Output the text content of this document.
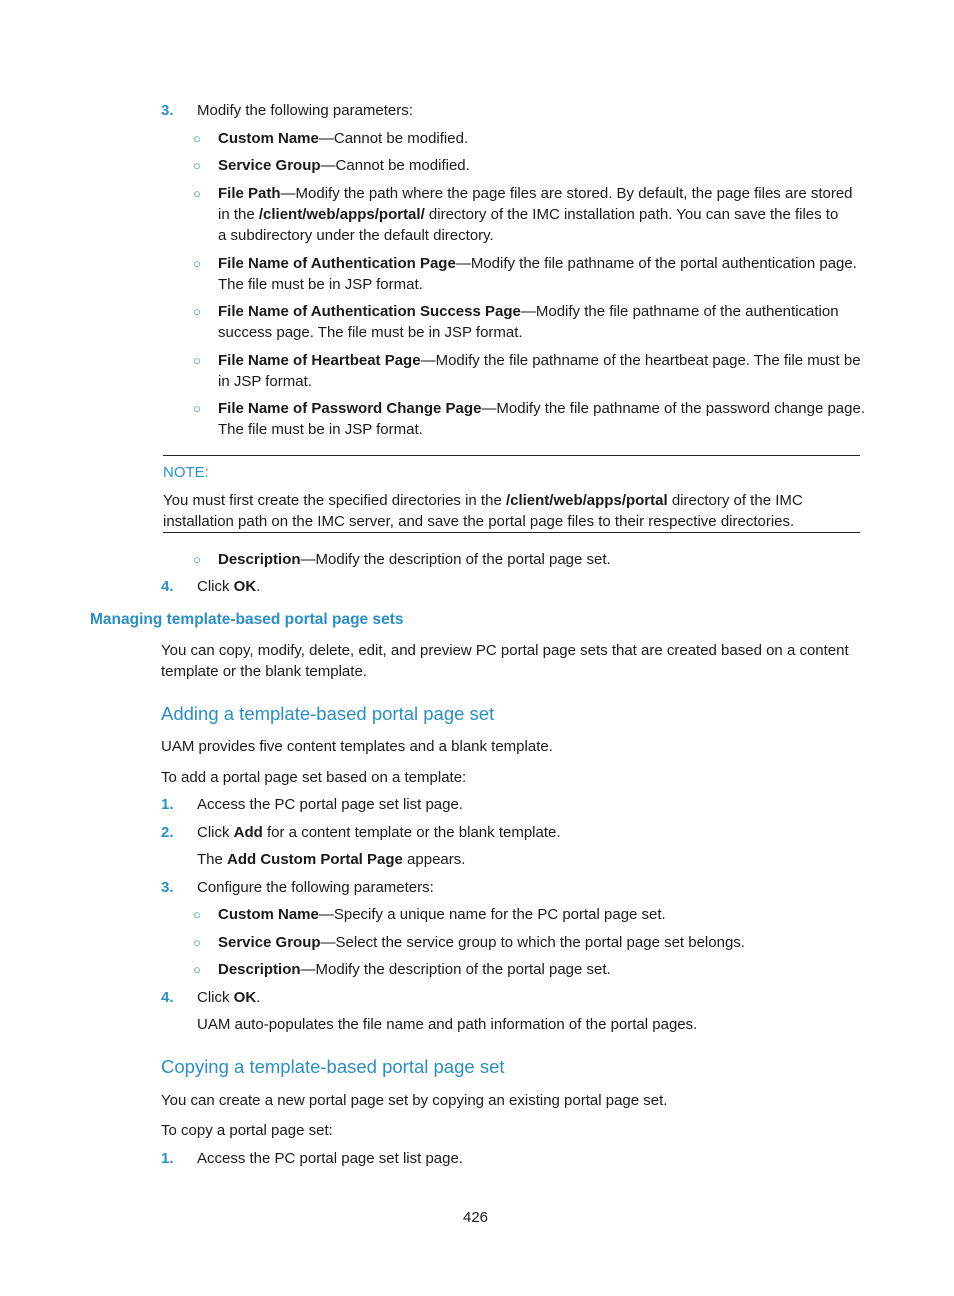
3. Modify the following parameters:
○ Custom Name—Cannot be modified.
○ Service Group—Cannot be modified.
○ File Path—Modify the path where the page files are stored. By default, the page files are stored
in the /client/web/apps/portal/ directory of the IMC installation path. You can save the files to
a subdirectory under the default directory.
○ File Name of Authentication Page—Modify the file pathname of the portal authentication page.
The file must be in JSP format.
○ File Name of Authentication Success Page—Modify the file pathname of the authentication
success page. The file must be in JSP format.
○ File Name of Heartbeat Page—Modify the file pathname of the heartbeat page. The file must be
in JSP format.
○ File Name of Password Change Page—Modify the file pathname of the password change page.
The file must be in JSP format.
NOTE:
You must first create the specified directories in the /client/web/apps/portal directory of the IMC
installation path on the IMC server, and save the portal page files to their respective directories.
○ Description—Modify the description of the portal page set.
4. Click OK.
Managing template-based portal page sets
You can copy, modify, delete, edit, and preview PC portal page sets that are created based on a content
template or the blank template.
Adding a template-based portal page set
UAM provides five content templates and a blank template.
To add a portal page set based on a template:
1. Access the PC portal page set list page.
2. Click Add for a content template or the blank template.
The Add Custom Portal Page appears.
3. Configure the following parameters:
○ Custom Name—Specify a unique name for the PC portal page set.
○ Service Group—Select the service group to which the portal page set belongs.
○ Description—Modify the description of the portal page set.
4. Click OK.
UAM auto-populates the file name and path information of the portal pages.
Copying a template-based portal page set
You can create a new portal page set by copying an existing portal page set.
To copy a portal page set:
1. Access the PC portal page set list page.
426
